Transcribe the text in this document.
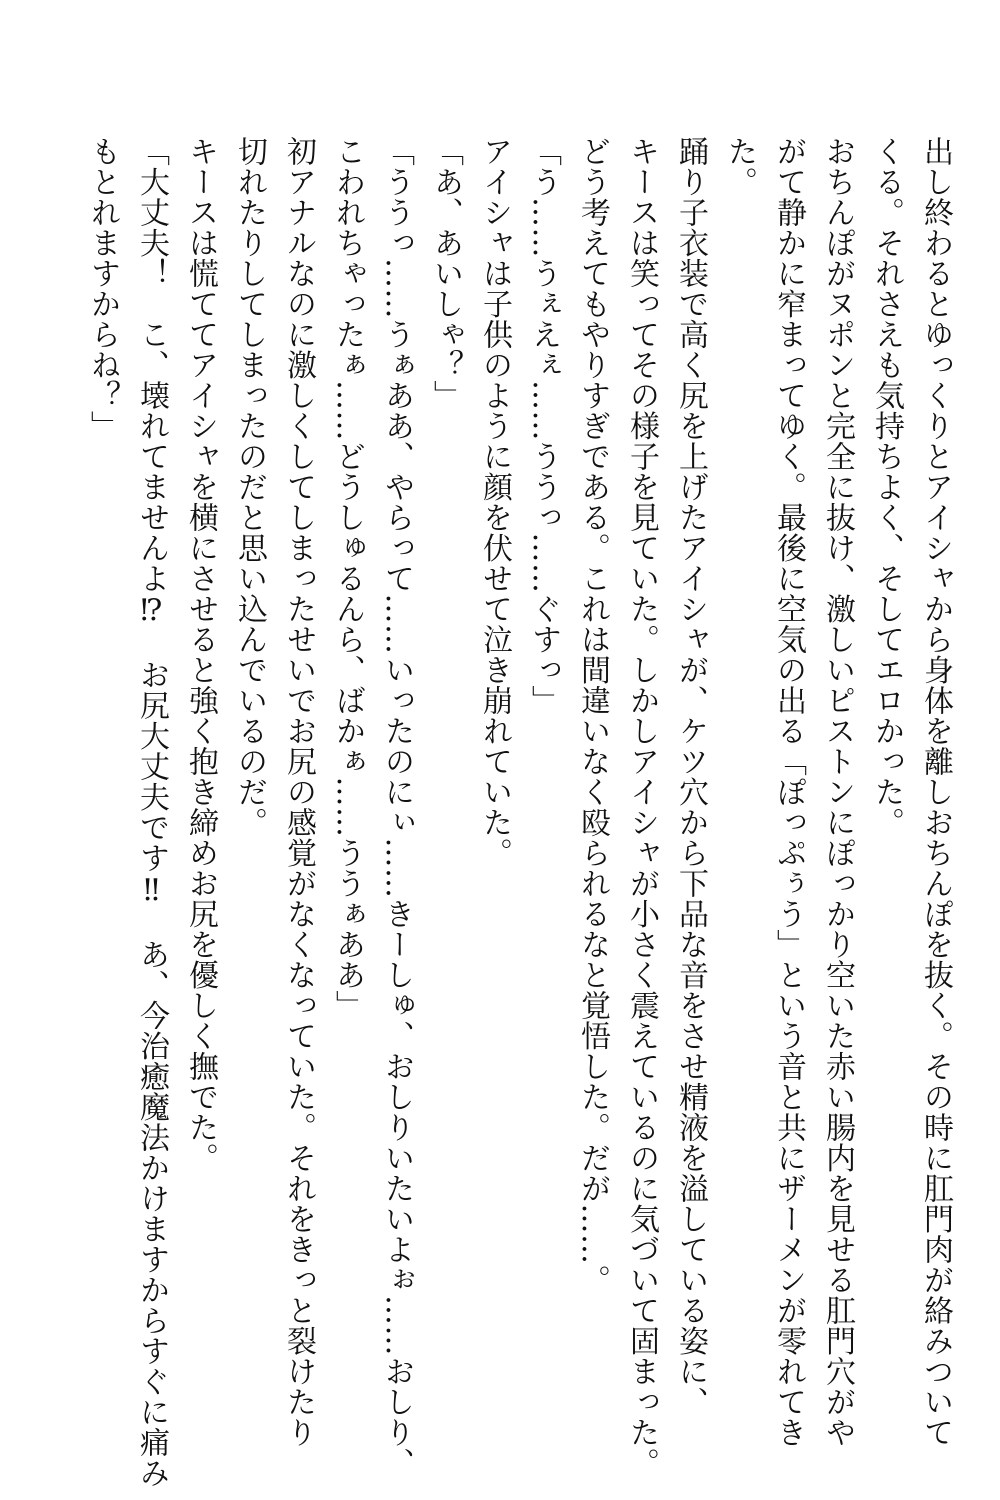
出し終わるとゆっくりとアイシャから身体を離しおちんぽを抜く。その時に肛門肉が絡みついて
くる。それさえも気持ちよく、そしてエロかった。
おちんぽがヌポンと完全に抜け、激しいピストンにぽっかり空いた赤い腸内を見せる肛門穴がや
がて静かに窄まってゆく。最後に空気の出る「ぽっぷぅう」という音と共にザーメンが零れてき
た。
踊り子衣装で高く尻を上げたアイシャが、ケツ穴から下品な音をさせ精液を溢している姿に、
キースは笑ってその様子を見ていた。しかしアイシャが小さく震えているのに気づいて固まった。
どう考えてもやりすぎである。これは間違いなく殴られるなと覚悟した。だが……。
「う……うぇえぇ……ううっ……ぐすっ」
アイシャは子供のように顔を伏せて泣き崩れていた。
「あ、あいしゃ？」
「ううっ……うぁああ、やらって……いったのにぃ……きーしゅ、おしりいたいよぉ……おしり、
こわれちゃったぁ……どうしゅるんら、ばかぁ……ううぁああ」
初アナルなのに激しくしてしまったせいでお尻の感覚がなくなっていた。それをきっと裂けたり
切れたりしてしまったのだと思い込んでいるのだ。
キースは慌ててアイシャを横にさせると強く抱き締めお尻を優しく撫でた。
「大丈夫！　こ、壊れてませんよ⁉　お尻大丈夫です‼　あ、今治癒魔法かけますからすぐに痛み
もとれますからね？」
